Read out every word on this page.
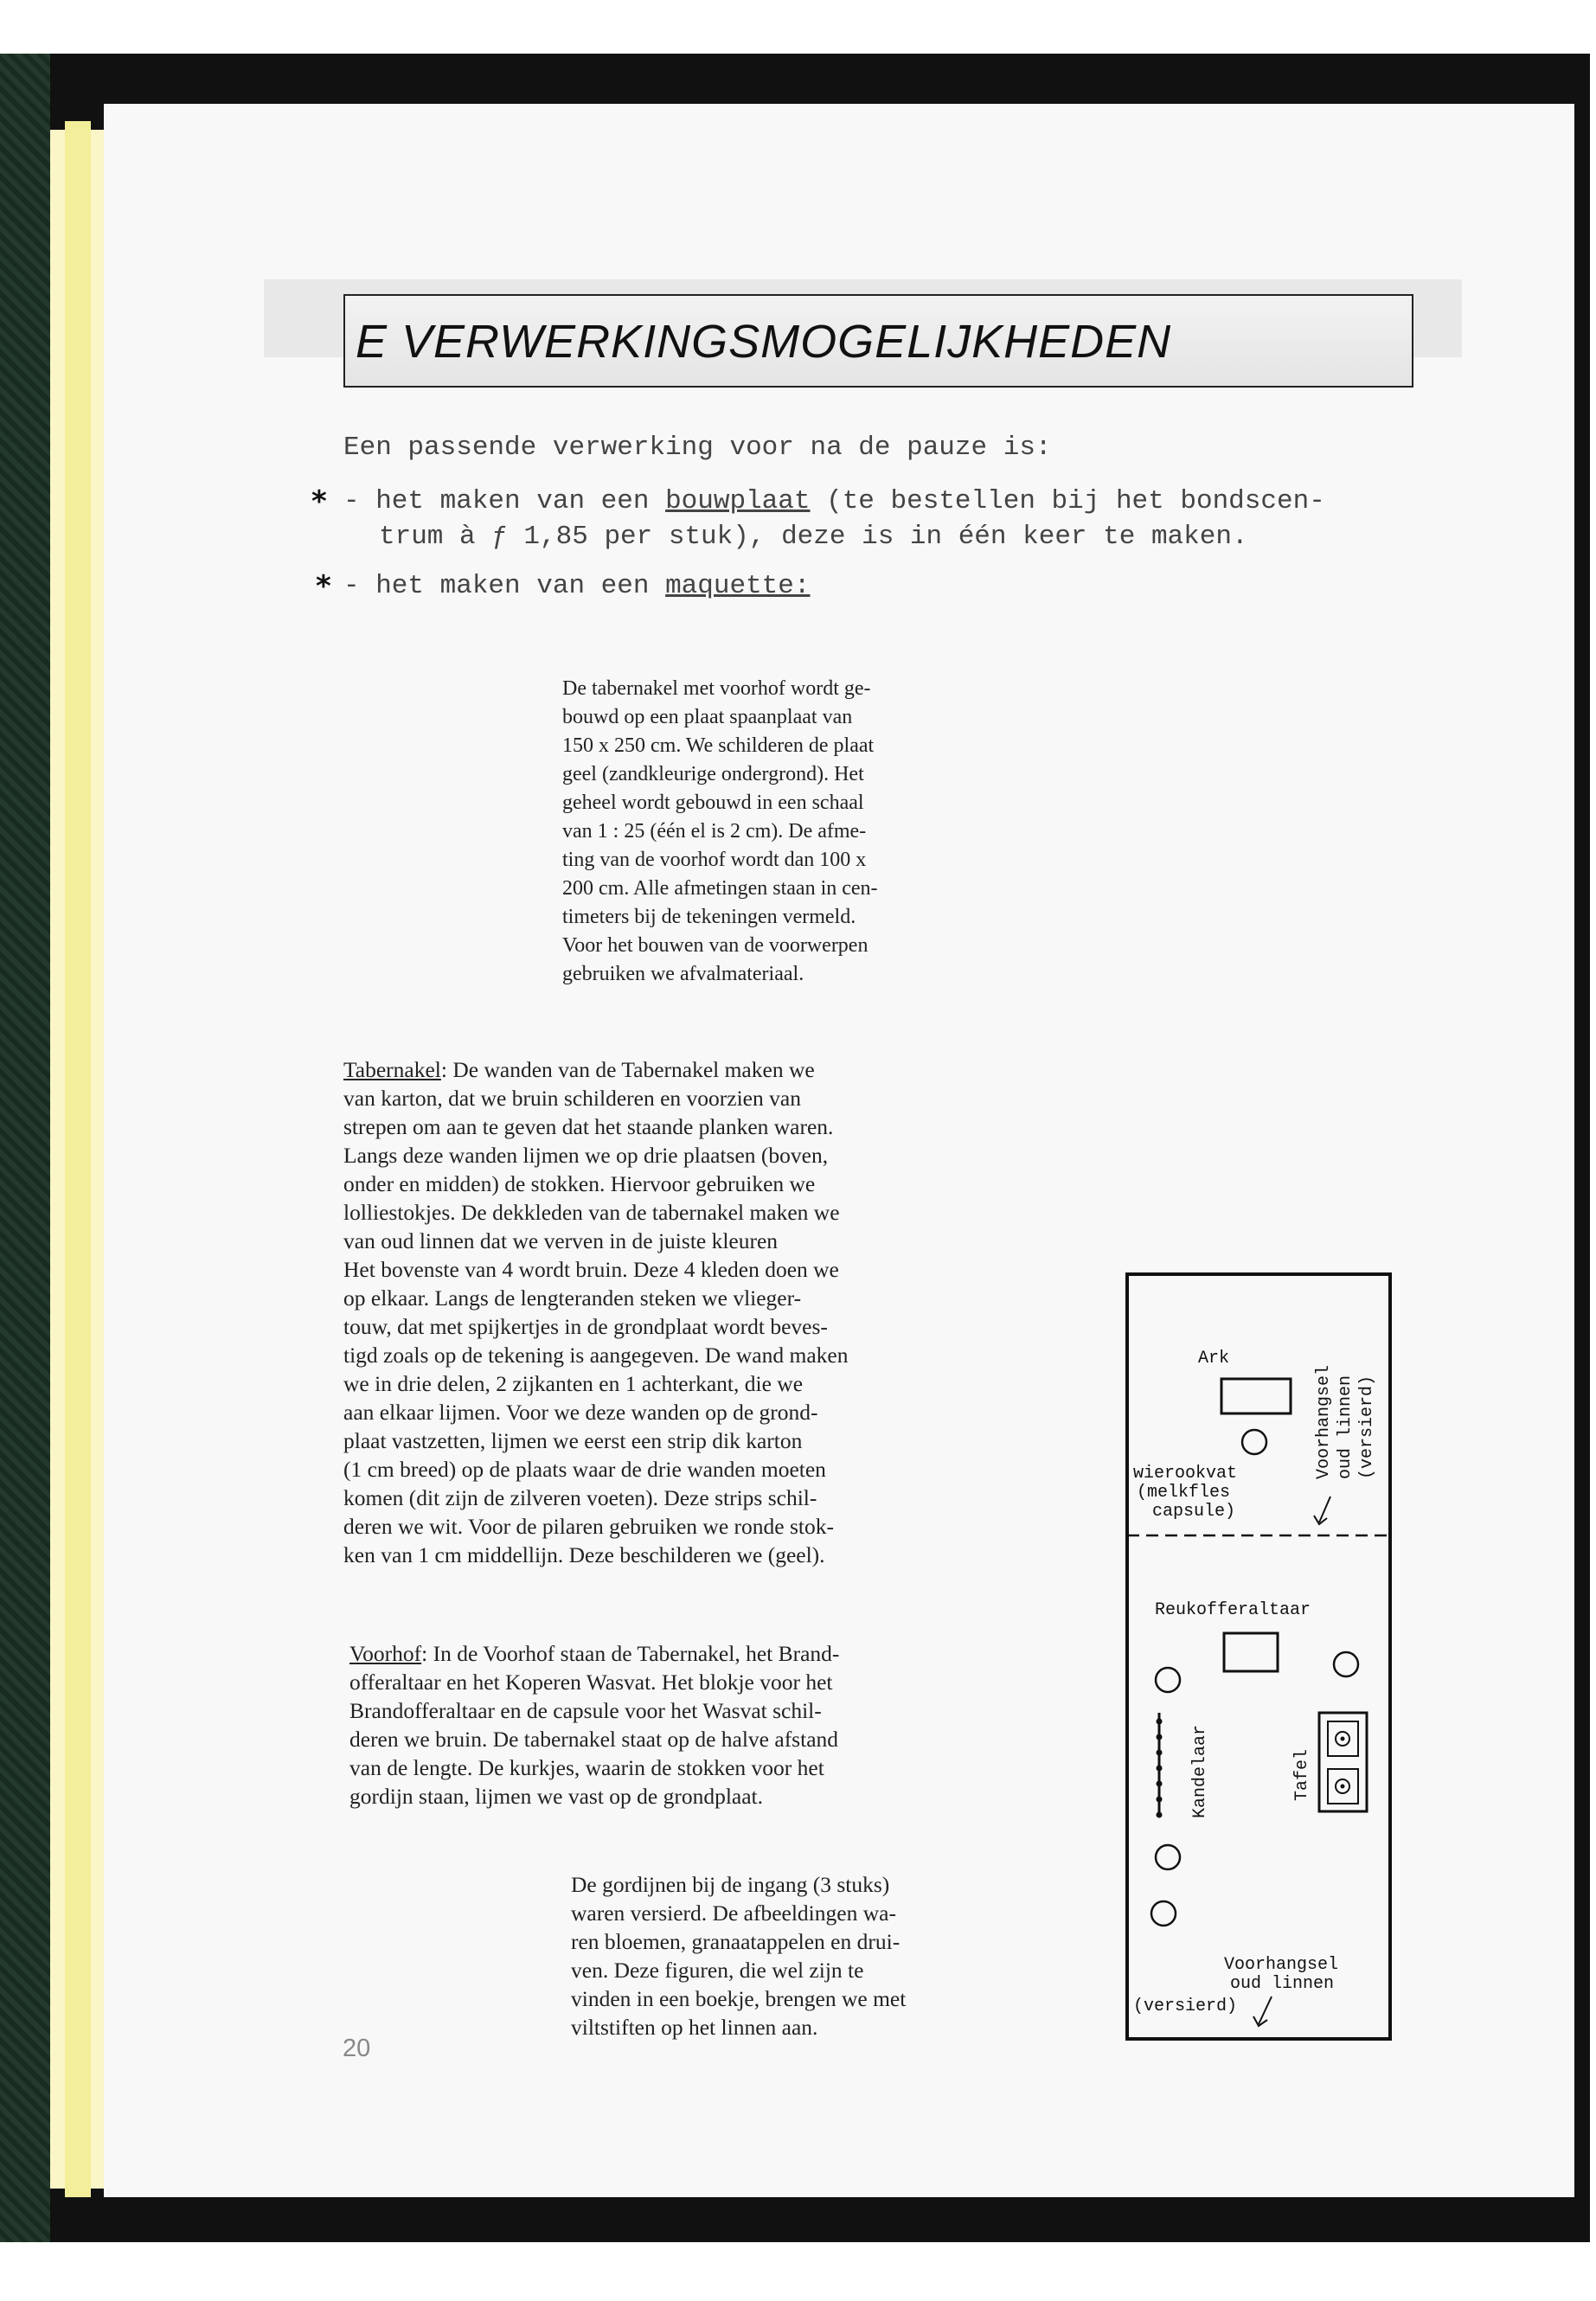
E VERWERKINGSMOGELIJKHEDEN
Een passende verwerking voor na de pauze is:
* - het maken van een bouwplaat (te bestellen bij het bondscen-
trum à ƒ 1,85 per stuk), deze is in één keer te maken.
* - het maken van een maquette:
De tabernakel met voorhof wordt ge-
bouwd op een plaat spaanplaat van
150 x 250 cm. We schilderen de plaat
geel (zandkleurige ondergrond). Het
geheel wordt gebouwd in een schaal
van 1 : 25 (één el is 2 cm). De afme-
ting van de voorhof wordt dan 100 x
200 cm. Alle afmetingen staan in cen-
timeters bij de tekeningen vermeld.
Voor het bouwen van de voorwerpen
gebruiken we afvalmateriaal.
Tabernakel: De wanden van de Tabernakel maken we
van karton, dat we bruin schilderen en voorzien van
strepen om aan te geven dat het staande planken waren.
Langs deze wanden lijmen we op drie plaatsen (boven,
onder en midden) de stokken. Hiervoor gebruiken we
lolliestokjes. De dekkleden van de tabernakel maken we
van oud linnen dat we verven in de juiste kleuren
Het bovenste van 4 wordt bruin. Deze 4 kleden doen we
op elkaar. Langs de lengteranden steken we vlieger-
touw, dat met spijkertjes in de grondplaat wordt beves-
tigd zoals op de tekening is aangegeven. De wand maken
we in drie delen, 2 zijkanten en 1 achterkant, die we
aan elkaar lijmen. Voor we deze wanden op de grond-
plaat vastzetten, lijmen we eerst een strip dik karton
(1 cm breed) op de plaats waar de drie wanden moeten
komen (dit zijn de zilveren voeten). Deze strips schil-
deren we wit. Voor de pilaren gebruiken we ronde stok-
ken van 1 cm middellijn. Deze beschilderen we (geel).
Voorhof: In de Voorhof staan de Tabernakel, het Brand-
offeraltaar en het Koperen Wasvat. Het blokje voor het
Brandofferaltaar en de capsule voor het Wasvat schil-
deren we bruin. De tabernakel staat op de halve afstand
van de lengte. De kurkjes, waarin de stokken voor het
gordijn staan, lijmen we vast op de grondplaat.
De gordijnen bij de ingang (3 stuks)
waren versierd. De afbeeldingen wa-
ren bloemen, granaatappelen en drui-
ven. Deze figuren, die wel zijn te
vinden in een boekje, brengen we met
viltstiften op het linnen aan.
20
Ark
wierookvat
(melkfles
capsule)
Voorhangsel oud linnen (versierd)
Reukofferaltaar
Kandelaar	Tafel
Voorhangsel
oud linnen
(versierd)
